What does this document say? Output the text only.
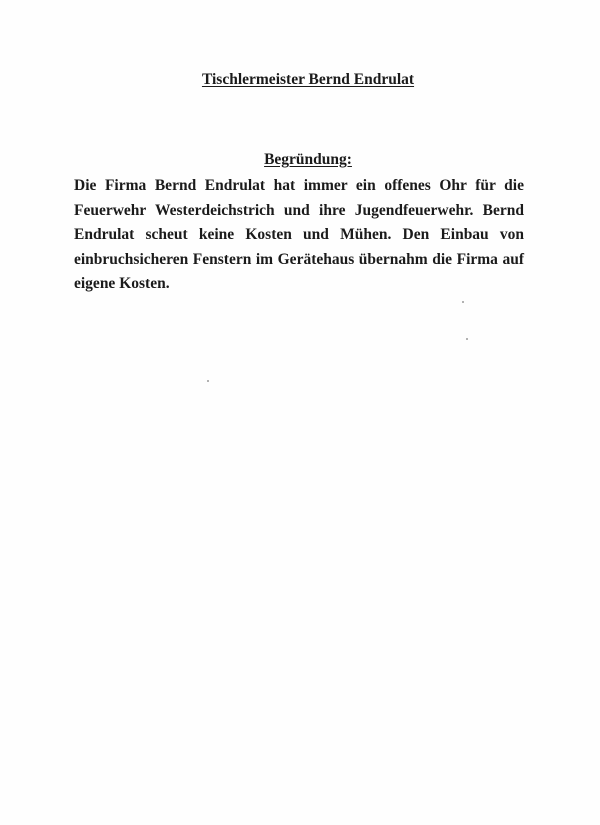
Tischlermeister Bernd Endrulat
Begründung:

Die Firma Bernd Endrulat hat immer ein offenes Ohr für die Feuerwehr Westerdeichstrich und ihre Jugendfeuerwehr. Bernd Endrulat scheut keine Kosten und Mühen. Den Einbau von einbruchsicheren Fenstern im Gerätehaus übernahm die Firma auf eigene Kosten.
